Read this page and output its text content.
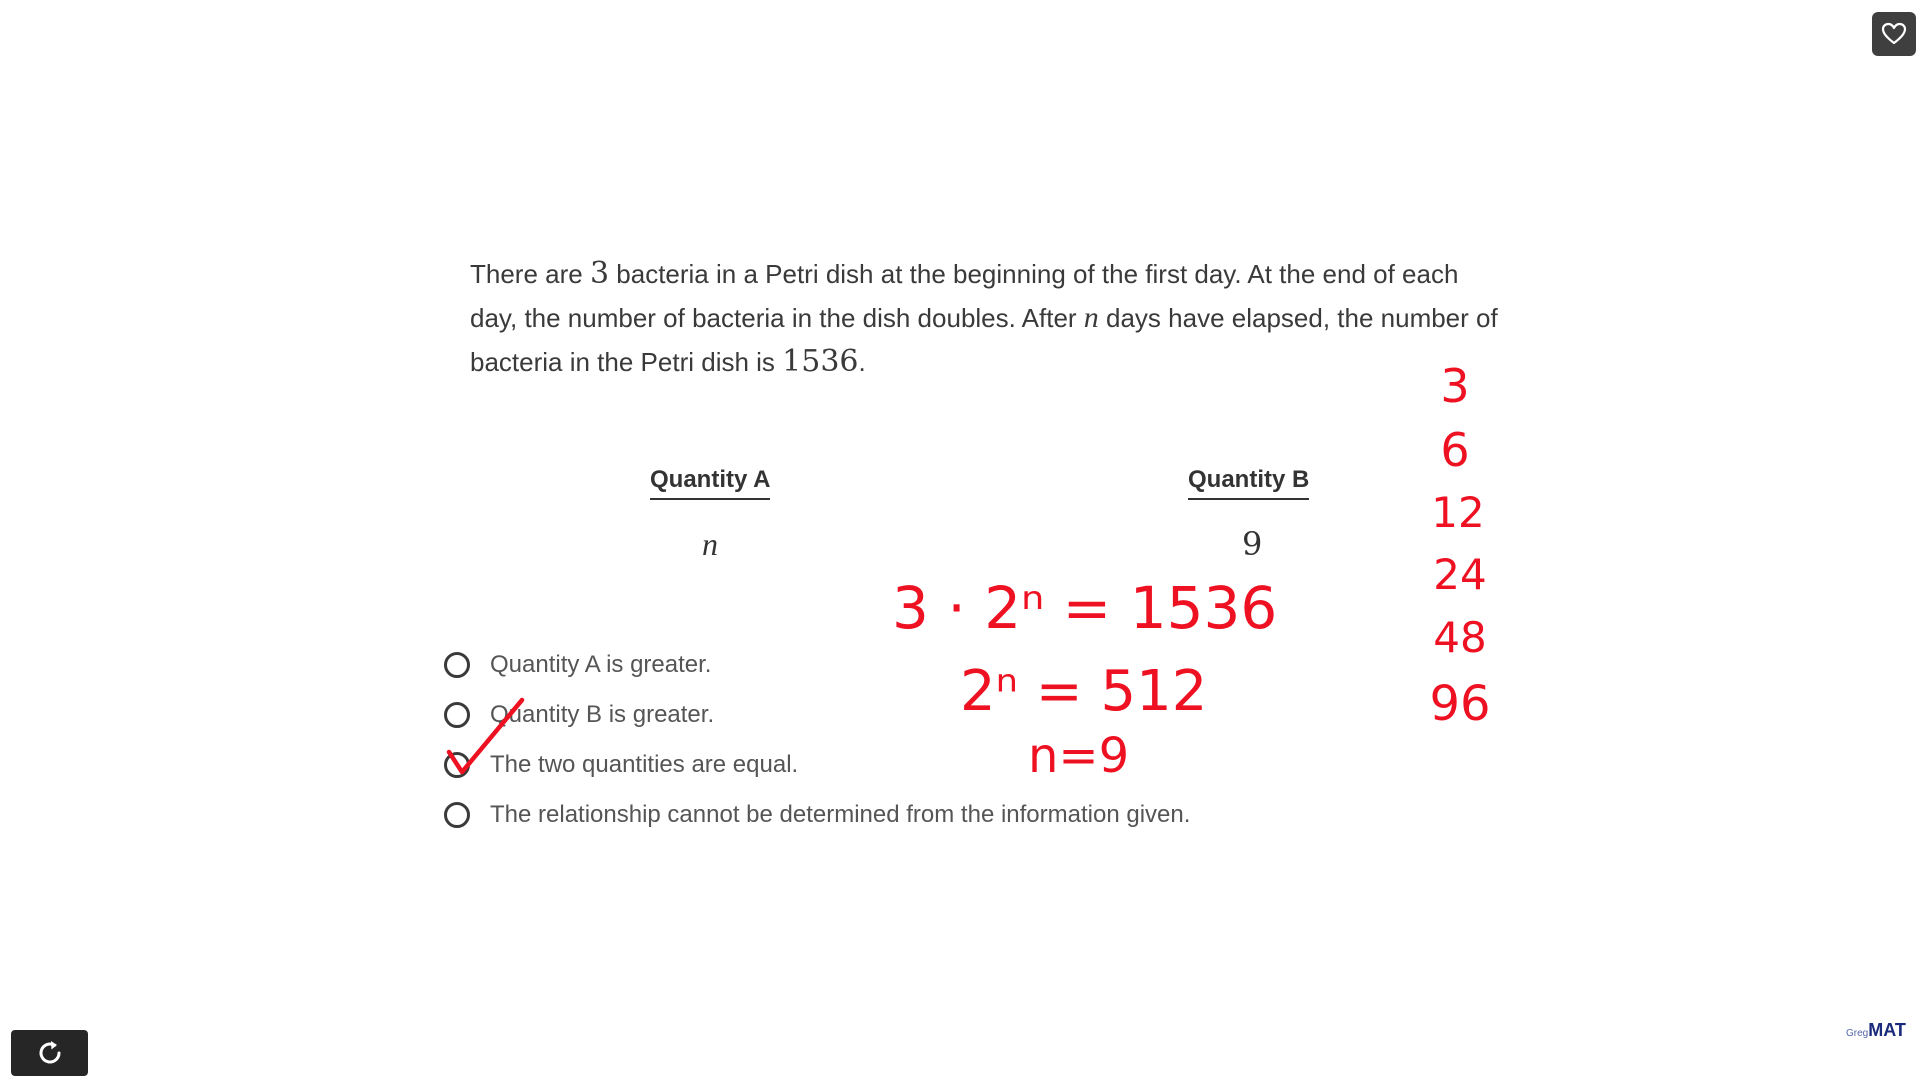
There are 3 bacteria in a Petri dish at the beginning of the first day. At the end of each day, the number of bacteria in the dish doubles. After n days have elapsed, the number of bacteria in the Petri dish is 1536.
Quantity A
n
Quantity B
9
Quantity A is greater.
Quantity B is greater.
The two quantities are equal.
The relationship cannot be determined from the information given.
3 · 2ⁿ = 1536
2ⁿ = 512
n=9
3
6
12
24
48
96
Greg MAT
